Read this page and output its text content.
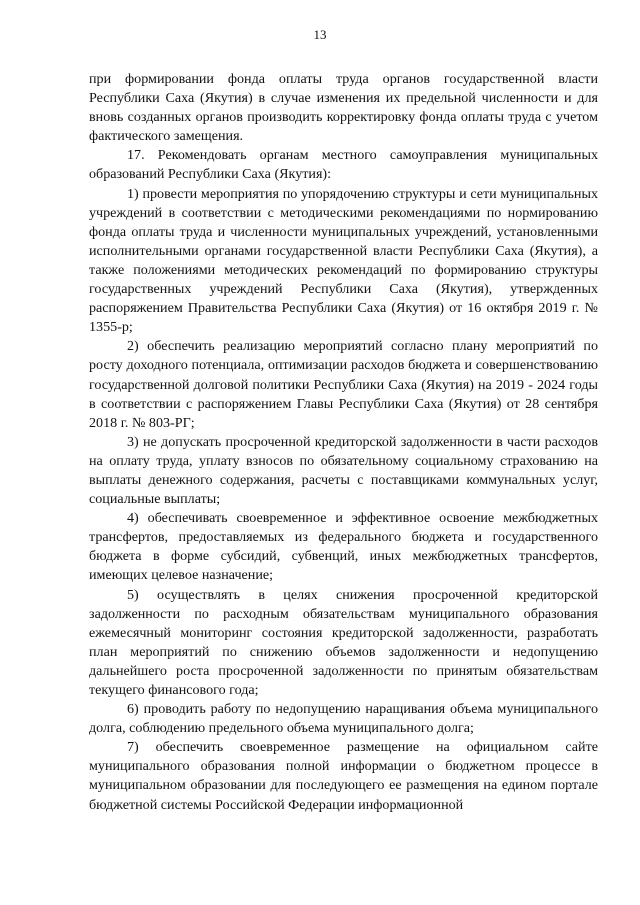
13

при формировании фонда оплаты труда органов государственной власти Республики Саха (Якутия) в случае изменения их предельной численности и для вновь созданных органов производить корректировку фонда оплаты труда с учетом фактического замещения.

17. Рекомендовать органам местного самоуправления муниципальных образований Республики Саха (Якутия):

1) провести мероприятия по упорядочению структуры и сети муниципальных учреждений в соответствии с методическими рекомендациями по нормированию фонда оплаты труда и численности муниципальных учреждений, установленными исполнительными органами государственной власти Республики Саха (Якутия), а также положениями методических рекомендаций по формированию структуры государственных учреждений Республики Саха (Якутия), утвержденных распоряжением Правительства Республики Саха (Якутия) от 16 октября 2019 г. № 1355-р;

2) обеспечить реализацию мероприятий согласно плану мероприятий по росту доходного потенциала, оптимизации расходов бюджета и совершенствованию государственной долговой политики Республики Саха (Якутия) на 2019 - 2024 годы в соответствии с распоряжением Главы Республики Саха (Якутия) от 28 сентября 2018 г. № 803-РГ;

3) не допускать просроченной кредиторской задолженности в части расходов на оплату труда, уплату взносов по обязательному социальному страхованию на выплаты денежного содержания, расчеты с поставщиками коммунальных услуг, социальные выплаты;

4) обеспечивать своевременное и эффективное освоение межбюджетных трансфертов, предоставляемых из федерального бюджета и государственного бюджета в форме субсидий, субвенций, иных межбюджетных трансфертов, имеющих целевое назначение;

5) осуществлять в целях снижения просроченной кредиторской задолженности по расходным обязательствам муниципального образования ежемесячный мониторинг состояния кредиторской задолженности, разработать план мероприятий по снижению объемов задолженности и недопущению дальнейшего роста просроченной задолженности по принятым обязательствам текущего финансового года;

6) проводить работу по недопущению наращивания объема муниципального долга, соблюдению предельного объема муниципального долга;

7) обеспечить своевременное размещение на официальном сайте муниципального образования полной информации о бюджетном процессе в муниципальном образовании для последующего ее размещения на едином портале бюджетной системы Российской Федерации информационной
